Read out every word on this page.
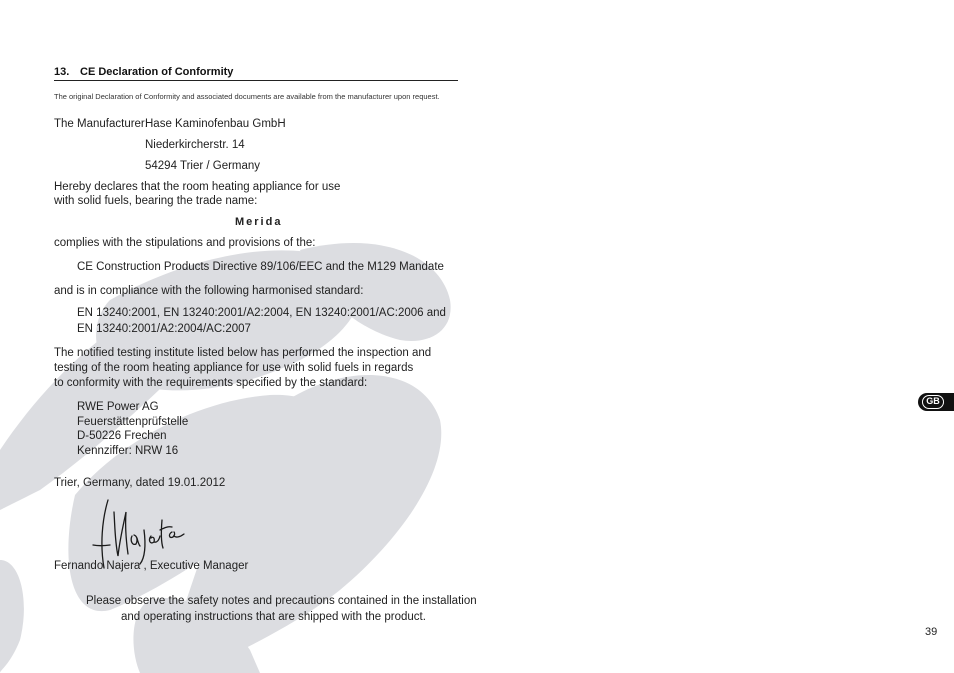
13. CE Declaration of Conformity
The original Declaration of Conformity and associated documents are available from the manufacturer upon request.
The Manufacturer:
Hase Kaminofenbau GmbH
Niederkircherstr. 14
54294 Trier / Germany
Hereby declares that the room heating appliance for use
with solid fuels, bearing the trade name:
Merida
complies with the stipulations and provisions of the:
CE Construction Products Directive 89/106/EEC and the M129 Mandate
and is in compliance with the following harmonised standard:
EN 13240:2001, EN 13240:2001/A2:2004, EN 13240:2001/AC:2006 and
EN 13240:2001/A2:2004/AC:2007
The notified testing institute listed below has performed the inspection and
testing of the room heating appliance for use with solid fuels in regards
to conformity with the requirements specified by the standard:
RWE Power AG
Feuerstättenprüfstelle
D-50226 Frechen
Kennziffer: NRW 16
Trier, Germany, dated 19.01.2012
Fernando Najera , Executive Manager
Please observe the safety notes and precautions contained in the installation
and operating instructions that are shipped with the product.
GB
39
